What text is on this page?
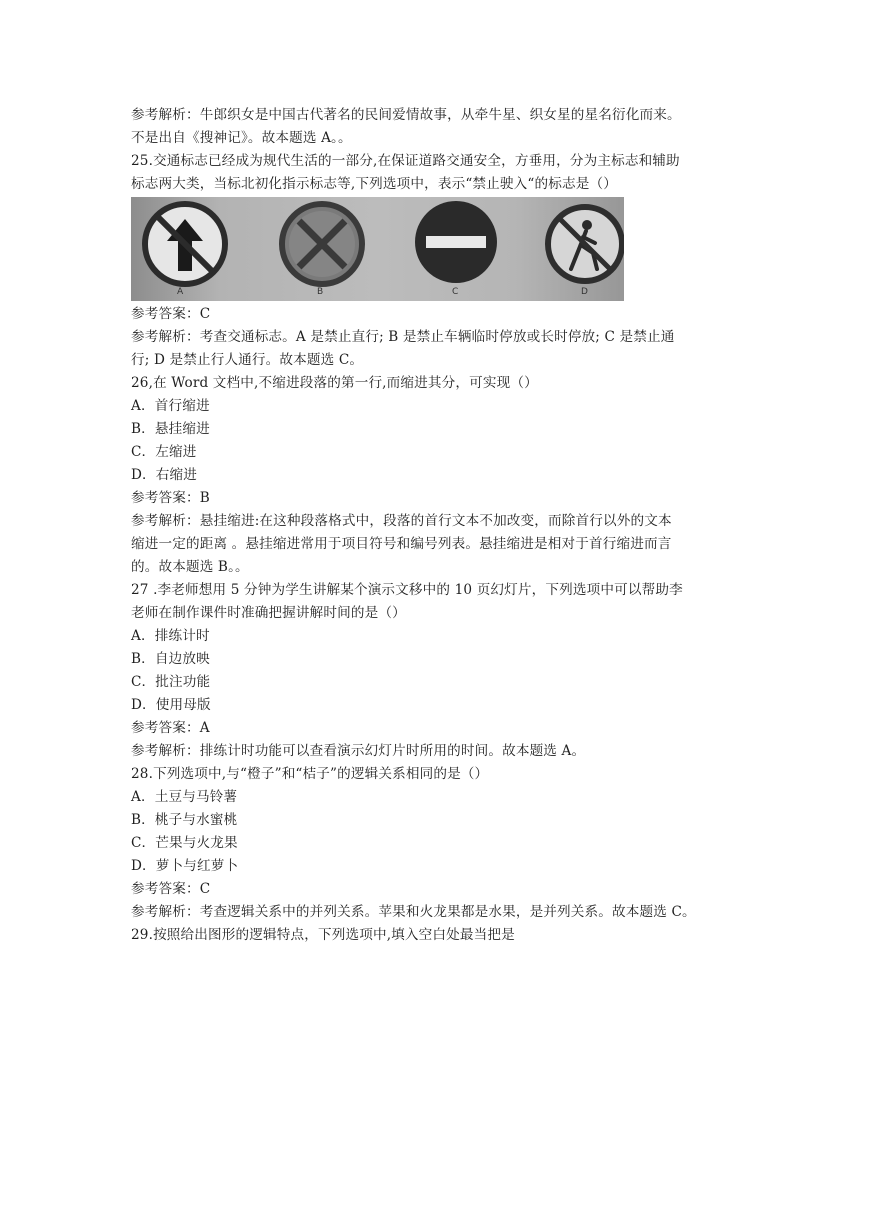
参考解析：牛郎织女是中国古代著名的民间爱情故事，从牵牛星、织女星的星名衍化而来。
不是出自《搜神记》。故本题选 A。。
25.交通标志已经成为规代生活的一部分,在保证道路交通安全，方垂用，分为主标志和辅助
标志两大类，当标北初化指示标志等,下列选项中，表示“禁止驶入“的标志是（）
A	B	C	D
参考答案：C
参考解析：考查交通标志。A 是禁止直行; B 是禁止车辆临时停放或长时停放; C 是禁止通
行; D 是禁止行人通行。故本题选 C。
26,在 Word 文档中,不缩进段落的第一行,而缩进其分，可实现（）
A．首行缩进
B．悬挂缩进
C．左缩进
D．右缩进
参考答案：B
参考解析：悬挂缩进:在这种段落格式中，段落的首行文本不加改变，而除首行以外的文本
缩进一定的距离 。悬挂缩进常用于项目符号和编号列表。悬挂缩进是相对于首行缩进而言
的。故本题选 B。。
27 .李老师想用 5 分钟为学生讲解某个演示文移中的 10 页幻灯片，下列选项中可以帮助李
老师在制作课件时准确把握讲解时间的是（）
A．排练计时
B．自边放映
C．批注功能
D．使用母版
参考答案：A
参考解析：排练计时功能可以查看演示幻灯片时所用的时间。故本题选 A。
28.下列选项中,与“橙子”和“桔子”的逻辑关系相同的是（）
A．土豆与马铃薯
B．桃子与水蜜桃
C．芒果与火龙果
D．萝卜与红萝卜
参考答案：C
参考解析：考查逻辑关系中的并列关系。苹果和火龙果都是水果，是并列关系。故本题选 C。
29.按照给出图形的逻辑特点，下列选项中,填入空白处最当把是
